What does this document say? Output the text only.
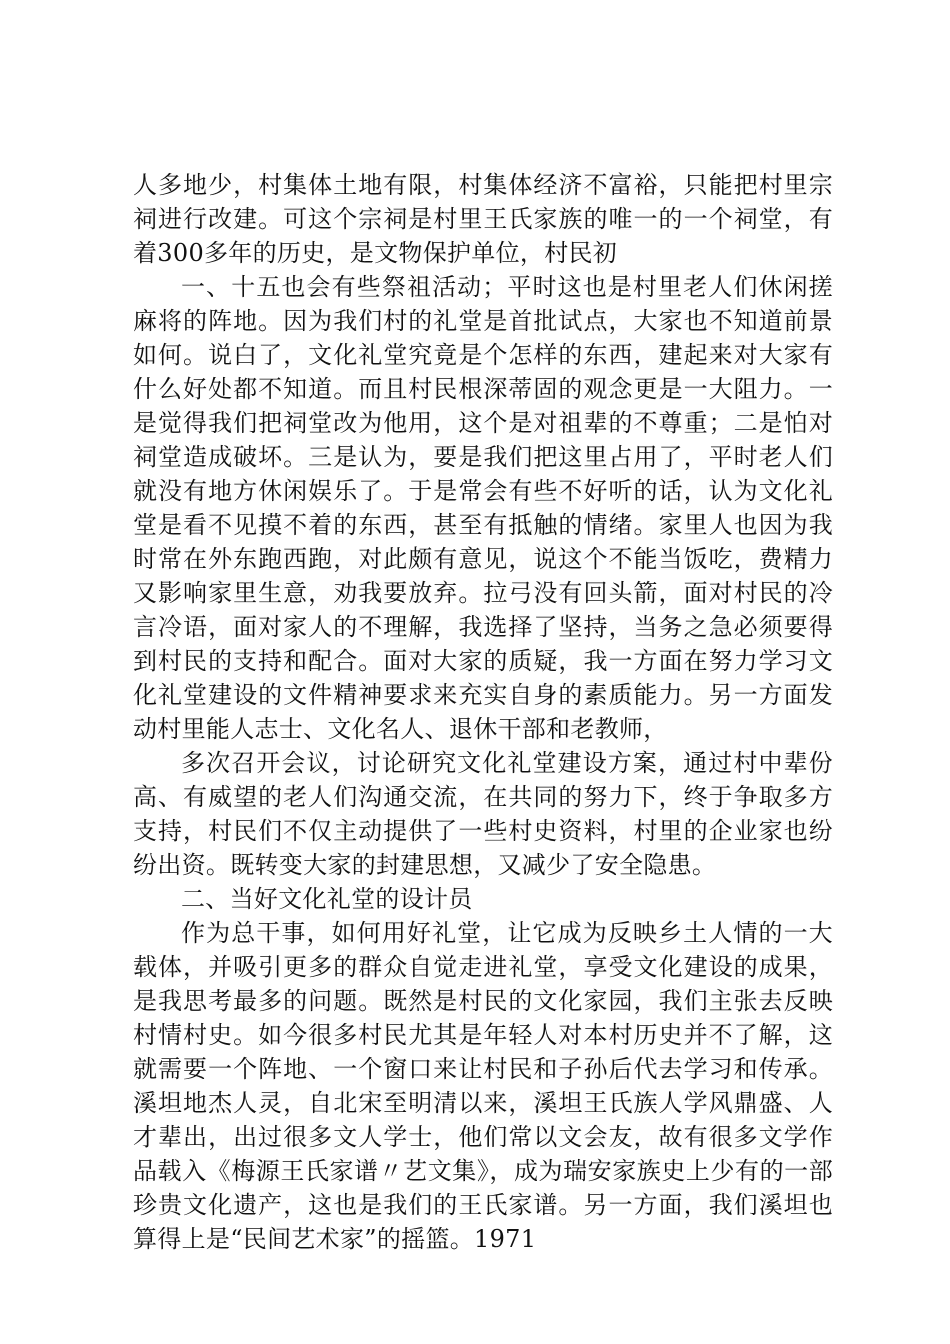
人多地少，村集体土地有限，村集体经济不富裕，只能把村里宗祠进行改建。可这个宗祠是村里王氏家族的唯一的一个祠堂，有着300多年的历史，是文物保护单位，村民初

一、十五也会有些祭祖活动；平时这也是村里老人们休闲搓麻将的阵地。因为我们村的礼堂是首批试点，大家也不知道前景如何。说白了，文化礼堂究竟是个怎样的东西，建起来对大家有什么好处都不知道。而且村民根深蒂固的观念更是一大阻力。一是觉得我们把祠堂改为他用，这个是对祖辈的不尊重；二是怕对祠堂造成破坏。三是认为，要是我们把这里占用了，平时老人们就没有地方休闲娱乐了。于是常会有些不好听的话，认为文化礼堂是看不见摸不着的东西，甚至有抵触的情绪。家里人也因为我时常在外东跑西跑，对此颇有意见，说这个不能当饭吃，费精力又影响家里生意，劝我要放弃。拉弓没有回头箭，面对村民的冷言冷语，面对家人的不理解，我选择了坚持，当务之急必须要得到村民的支持和配合。面对大家的质疑，我一方面在努力学习文化礼堂建设的文件精神要求来充实自身的素质能力。另一方面发动村里能人志士、文化名人、退休干部和老教师，

多次召开会议，讨论研究文化礼堂建设方案，通过村中辈份高、有威望的老人们沟通交流，在共同的努力下，终于争取多方支持，村民们不仅主动提供了一些村史资料，村里的企业家也纷纷出资。既转变大家的封建思想，又减少了安全隐患。

二、当好文化礼堂的设计员

作为总干事，如何用好礼堂，让它成为反映乡土人情的一大载体，并吸引更多的群众自觉走进礼堂，享受文化建设的成果，是我思考最多的问题。既然是村民的文化家园，我们主张去反映村情村史。如今很多村民尤其是年轻人对本村历史并不了解，这就需要一个阵地、一个窗口来让村民和子孙后代去学习和传承。溪坦地杰人灵，自北宋至明清以来，溪坦王氏族人学风鼎盛、人才辈出，出过很多文人学士，他们常以文会友，故有很多文学作品载入《梅源王氏家谱〃艺文集》，成为瑞安家族史上少有的一部珍贵文化遗产，这也是我们的王氏家谱。另一方面，我们溪坦也算得上是“民间艺术家”的摇篮。1971
